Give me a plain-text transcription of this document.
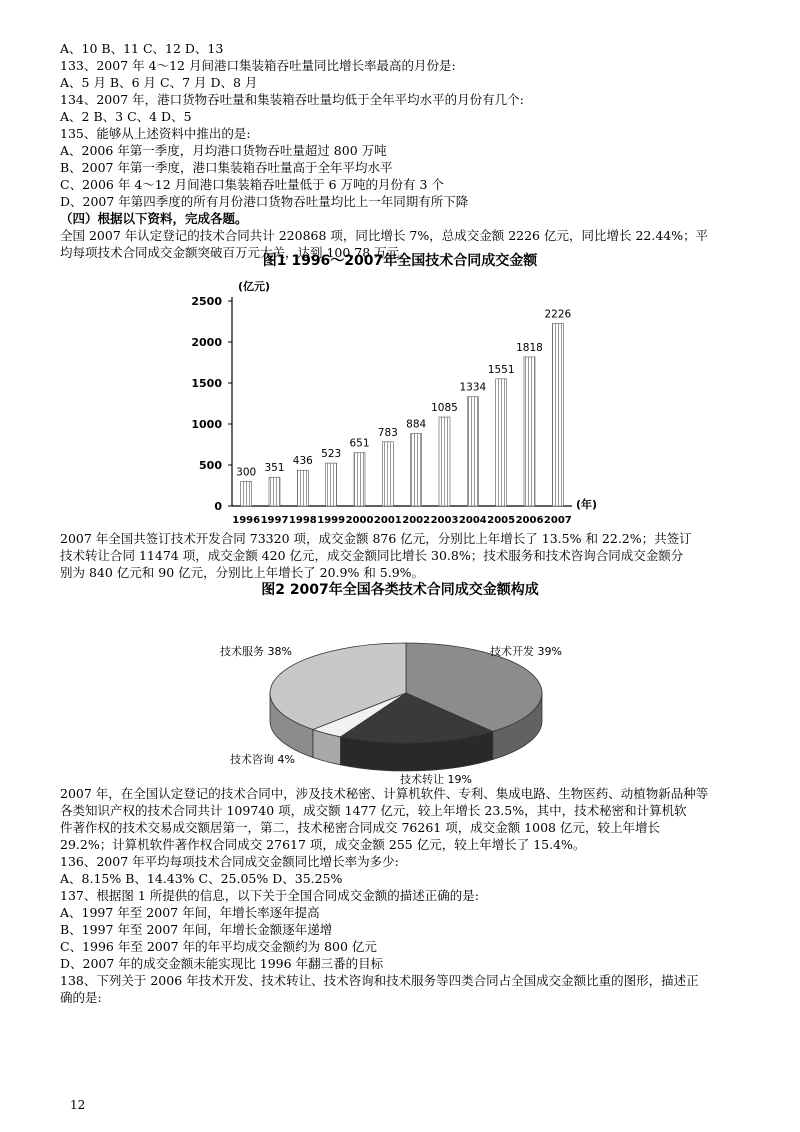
A、10 B、11 C、12 D、13
133、2007 年 4～12 月间港口集装箱吞吐量同比增长率最高的月份是:
A、5 月 B、6 月 C、7 月 D、8 月
134、2007 年，港口货物吞吐量和集装箱吞吐量均低于全年平均水平的月份有几个:
A、2 B、3 C、4 D、5
135、能够从上述资料中推出的是:
A、2006 年第一季度，月均港口货物吞吐量超过 800 万吨
B、2007 年第一季度，港口集装箱吞吐量高于全年平均水平
C、2006 年 4～12 月间港口集装箱吞吐量低于 6 万吨的月份有 3 个
D、2007 年第四季度的所有月份港口货物吞吐量均比上一年同期有所下降
（四）根据以下资料，完成各题。
全国 2007 年认定登记的技术合同共计 220868 项，同比增长 7%，总成交金额 2226 亿元，同比增长 22.44%；平
均每项技术合同成交金额突破百万元大关，达到 100.78 万元。
图1 1996～2007年全国技术合同成交金额
(亿元)
(年)
0
500
1000
1500
2000
2500
300
1996
351
1997
436
1998
523
1999
651
2000
783
2001
884
2002
1085
2003
1334
2004
1551
2005
1818
2006
2226
2007
2007 年全国共签订技术开发合同 73320 项，成交金额 876 亿元，分别比上年增长了 13.5% 和 22.2%；共签订
技术转让合同 11474 项，成交金额 420 亿元，成交金额同比增长 30.8%；技术服务和技术咨询合同成交金额分
别为 840 亿元和 90 亿元，分别比上年增长了 20.9% 和 5.9%。
图2 2007年全国各类技术合同成交金额构成
技术开发 39%
技术转让 19%
技术咨询 4%
技术服务 38%
2007 年，在全国认定登记的技术合同中，涉及技术秘密、计算机软件、专利、集成电路、生物医药、动植物新品种等
各类知识产权的技术合同共计 109740 项，成交额 1477 亿元，较上年增长 23.5%，其中，技术秘密和计算机软
件著作权的技术交易成交额居第一，第二，技术秘密合同成交 76261 项，成交金额 1008 亿元，较上年增长
29.2%；计算机软件著作权合同成交 27617 项，成交金额 255 亿元，较上年增长了 15.4%。
136、2007 年平均每项技术合同成交金额同比增长率为多少:
A、8.15% B、14.43% C、25.05% D、35.25%
137、根据图 1 所提供的信息，以下关于全国合同成交金额的描述正确的是:
A、1997 年至 2007 年间，年增长率逐年提高
B、1997 年至 2007 年间，年增长金额逐年递增
C、1996 年至 2007 年的年平均成交金额约为 800 亿元
D、2007 年的成交金额未能实现比 1996 年翻三番的目标
138、下列关于 2006 年技术开发、技术转让、技术咨询和技术服务等四类合同占全国成交金额比重的图形，描述正
确的是:
12
